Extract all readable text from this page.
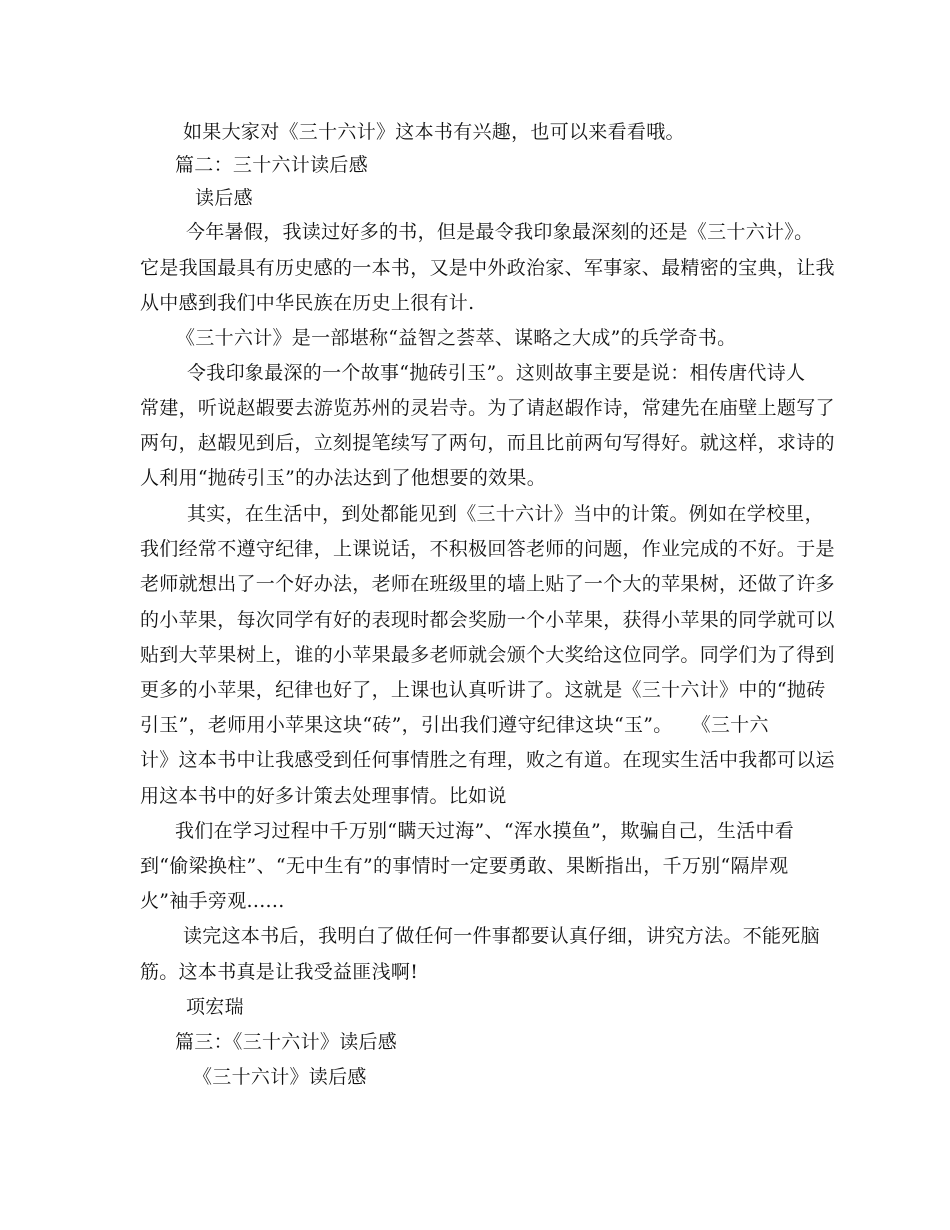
如果大家对《三十六计》这本书有兴趣，也可以来看看哦。
篇二：三十六计读后感
读后感
今年暑假，我读过好多的书，但是最令我印象最深刻的还是《三十六计》。
它是我国最具有历史感的一本书，又是中外政治家、军事家、最精密的宝典，让我
从中感到我们中华民族在历史上很有计.
《三十六计》是一部堪称“益智之荟萃、谋略之大成”的兵学奇书。
令我印象最深的一个故事“抛砖引玉”。这则故事主要是说：相传唐代诗人
常建，听说赵嘏要去游览苏州的灵岩寺。为了请赵嘏作诗，常建先在庙壁上题写了
两句，赵嘏见到后，立刻提笔续写了两句，而且比前两句写得好。就这样，求诗的
人利用“抛砖引玉”的办法达到了他想要的效果。
其实，在生活中，到处都能见到《三十六计》当中的计策。例如在学校里，
我们经常不遵守纪律，上课说话，不积极回答老师的问题，作业完成的不好。于是
老师就想出了一个好办法，老师在班级里的墙上贴了一个大的苹果树，还做了许多
的小苹果，每次同学有好的表现时都会奖励一个小苹果，获得小苹果的同学就可以
贴到大苹果树上，谁的小苹果最多老师就会颁个大奖给这位同学。同学们为了得到
更多的小苹果，纪律也好了，上课也认真听讲了。这就是《三十六计》中的“抛砖
引玉”，老师用小苹果这块“砖”，引出我们遵守纪律这块“玉”。   《三十六
计》这本书中让我感受到任何事情胜之有理，败之有道。在现实生活中我都可以运
用这本书中的好多计策去处理事情。比如说
我们在学习过程中千万别“瞒天过海”、“浑水摸鱼”，欺骗自己，生活中看
到“偷梁换柱”、“无中生有”的事情时一定要勇敢、果断指出，千万别“隔岸观
火”袖手旁观......
读完这本书后，我明白了做任何一件事都要认真仔细，讲究方法。不能死脑
筋。这本书真是让我受益匪浅啊!
项宏瑞
篇三：《三十六计》读后感
《三十六计》读后感
